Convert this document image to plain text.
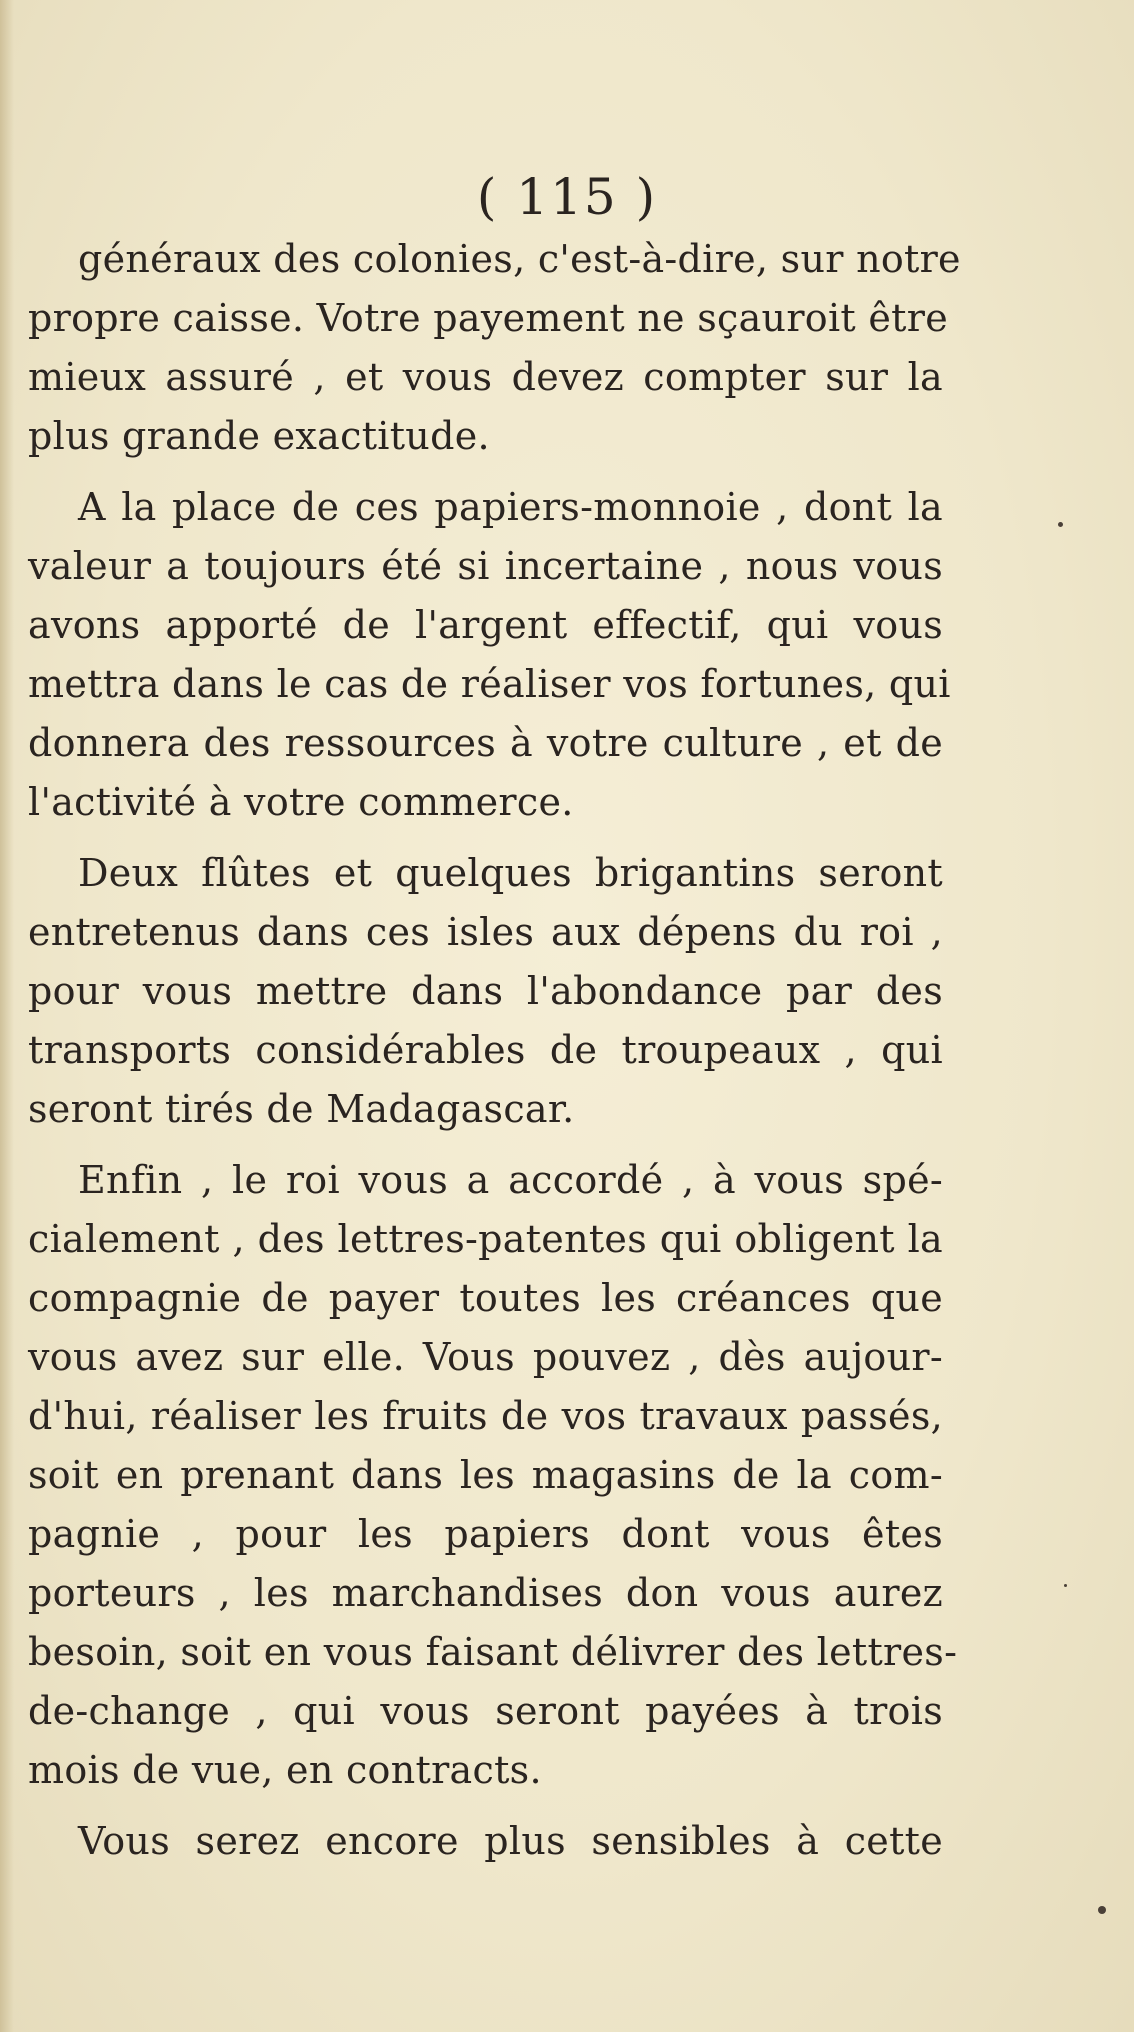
( 115 )
généraux des colonies, c'est-à-dire, sur notre
propre caisse. Votre payement ne sçauroit être
mieux assuré , et vous devez compter sur la
plus grande exactitude.
A la place de ces papiers-monnoie , dont la
valeur a toujours été si incertaine , nous vous
avons apporté de l'argent effectif, qui vous
mettra dans le cas de réaliser vos fortunes, qui
donnera des ressources à votre culture , et de
l'activité à votre commerce.
Deux flûtes et quelques brigantins seront
entretenus dans ces isles aux dépens du roi ,
pour vous mettre dans l'abondance par des
transports considérables de troupeaux , qui
seront tirés de Madagascar.
Enfin , le roi vous a accordé , à vous spé-
cialement , des lettres-patentes qui obligent la
compagnie de payer toutes les créances que
vous avez sur elle. Vous pouvez , dès aujour-
d'hui, réaliser les fruits de vos travaux passés,
soit en prenant dans les magasins de la com-
pagnie , pour les papiers dont vous êtes
porteurs , les marchandises don vous aurez
besoin, soit en vous faisant délivrer des lettres-
de-change , qui vous seront payées à trois
mois de vue, en contracts.
Vous serez encore plus sensibles à cette
